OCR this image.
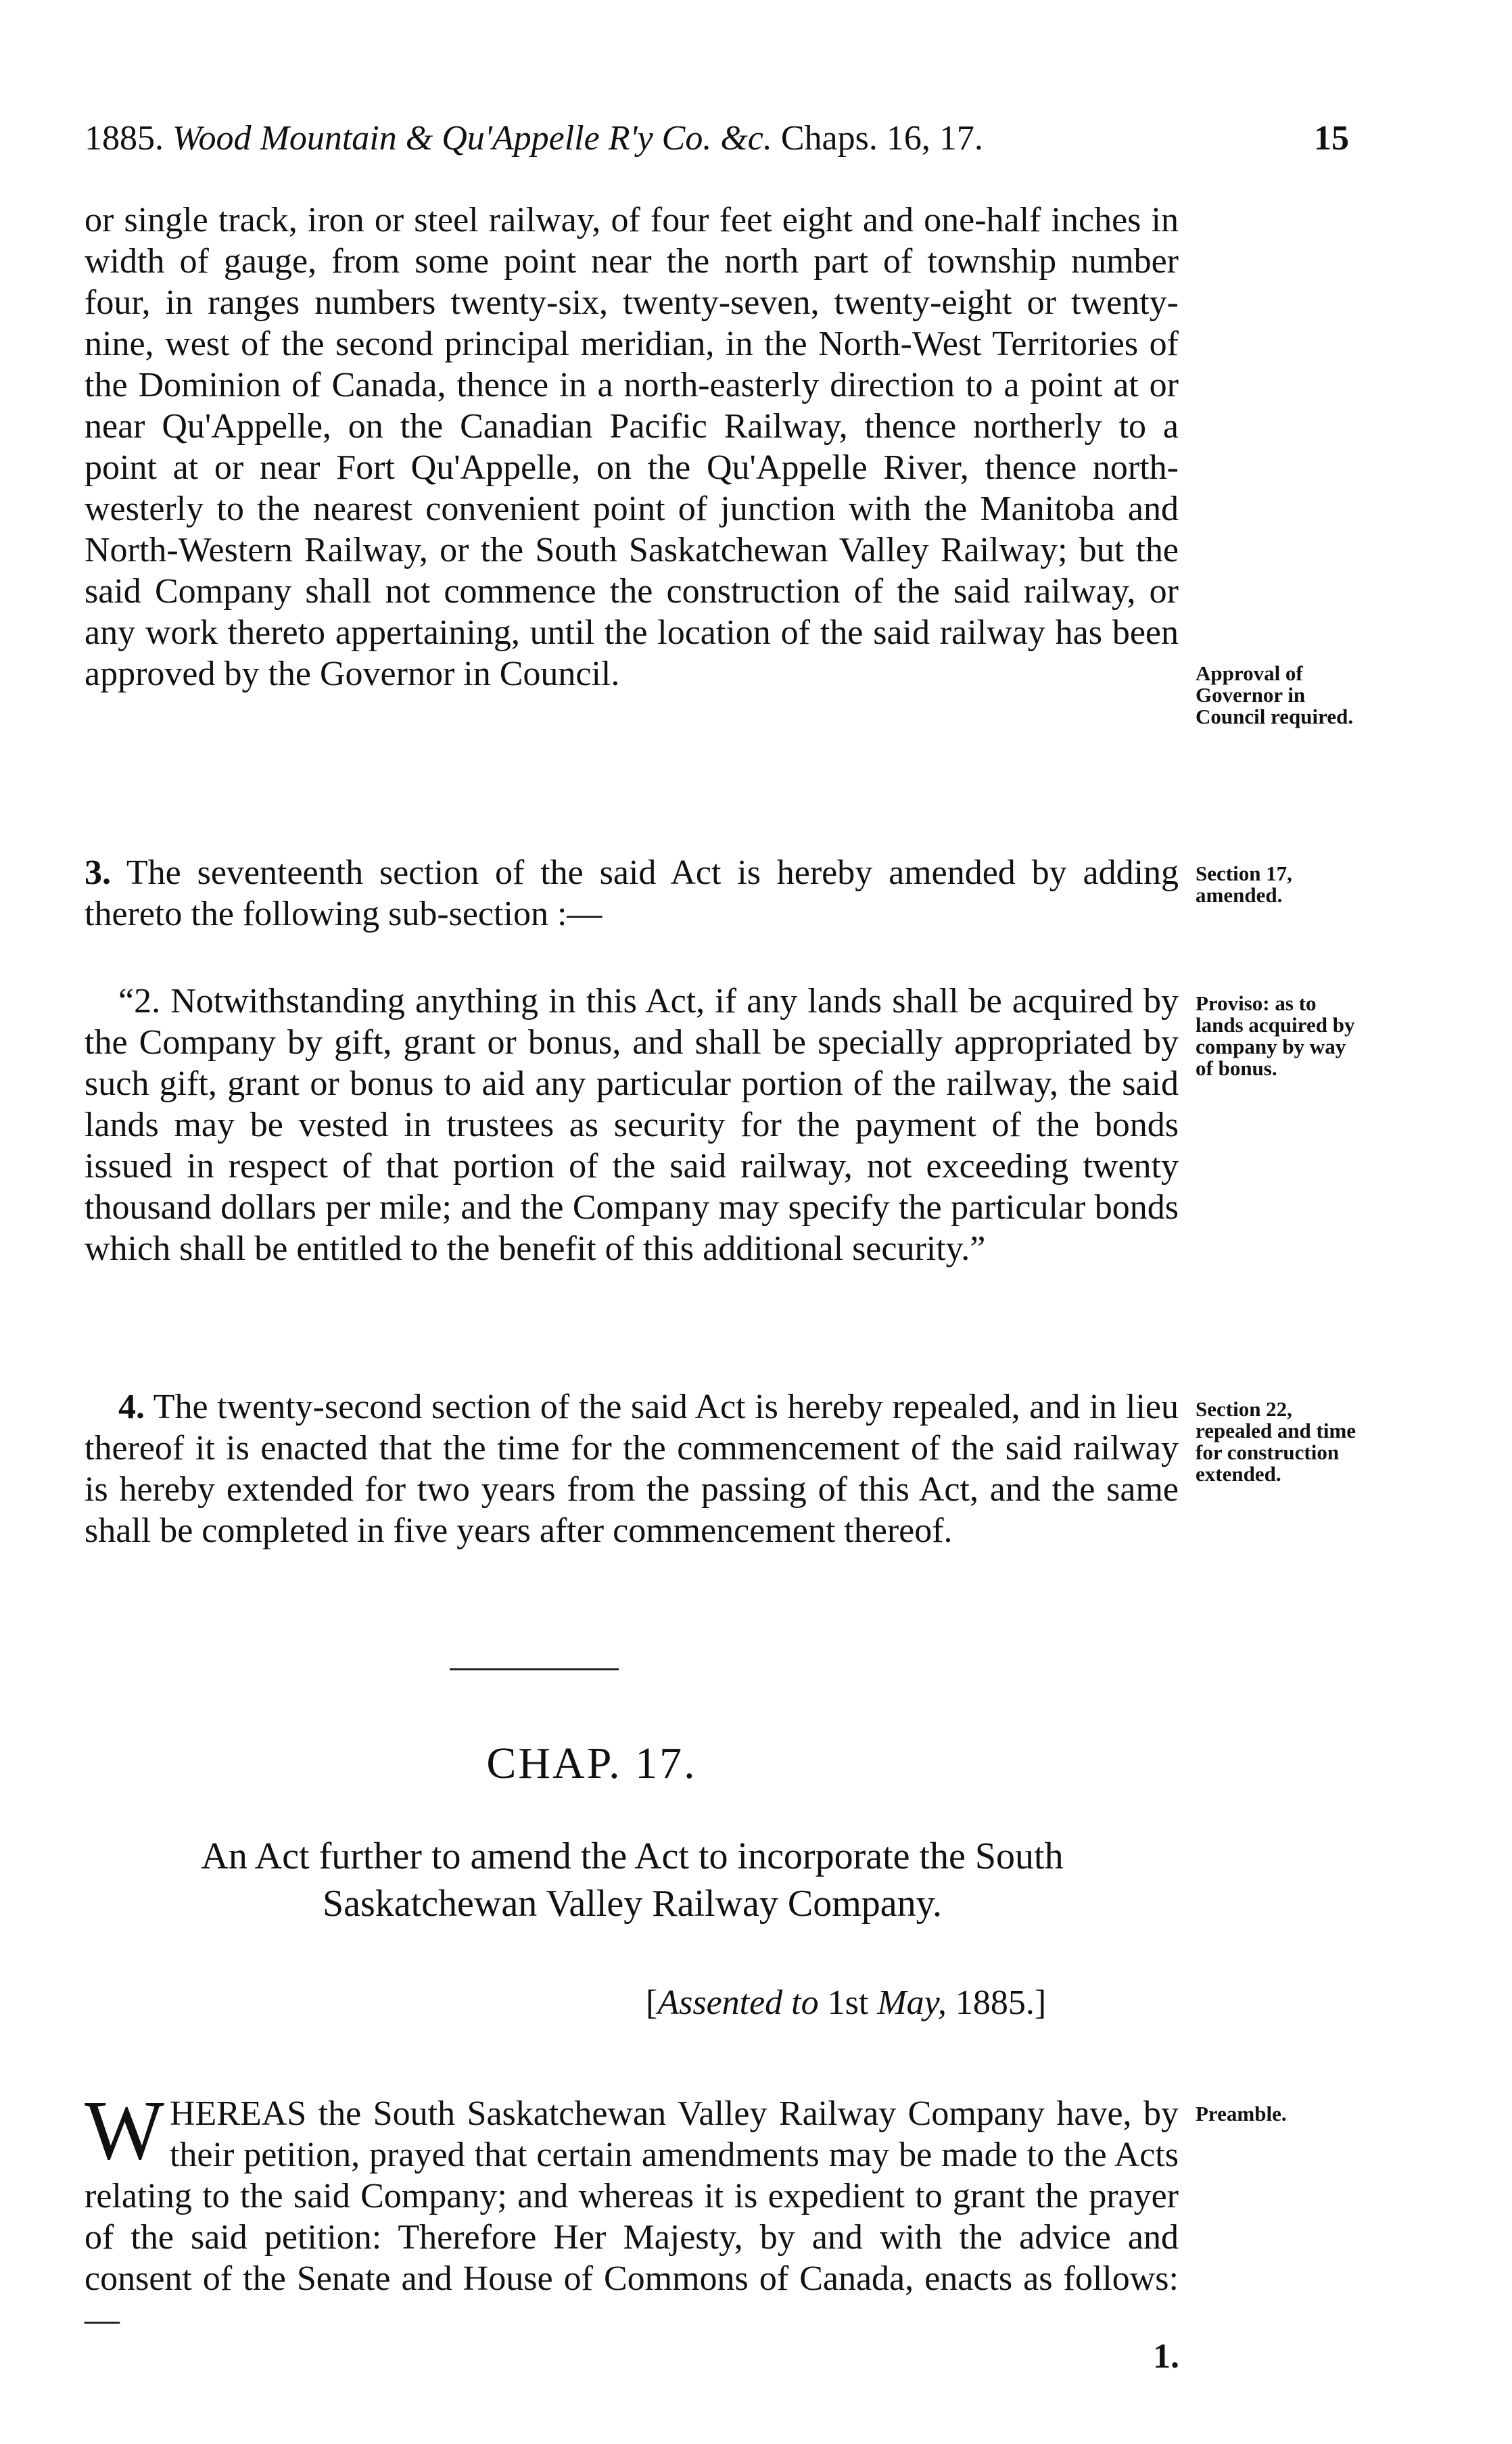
1885. Wood Mountain & Qu'Appelle R'y Co. &c. Chaps. 16, 17.	15
or single track, iron or steel railway, of four feet eight and one-half inches in width of gauge, from some point near the north part of township number four, in ranges numbers twenty-six, twenty-seven, twenty-eight or twenty-nine, west of the second principal meridian, in the North-West Territories of the Dominion of Canada, thence in a north-easterly direction to a point at or near Qu'Appelle, on the Canadian Pacific Railway, thence northerly to a point at or near Fort Qu'Appelle, on the Qu'Appelle River, thence north-westerly to the nearest convenient point of junction with the Manitoba and North-Western Railway, or the South Saskatchewan Valley Railway; but the said Company shall not commence the construction of the said railway, or any work thereto appertaining, until the location of the said railway has been approved by the Governor in Council.
3. The seventeenth section of the said Act is hereby amended by adding thereto the following sub-section :—
“2. Notwithstanding anything in this Act, if any lands shall be acquired by the Company by gift, grant or bonus, and shall be specially appropriated by such gift, grant or bonus to aid any particular portion of the railway, the said lands may be vested in trustees as security for the payment of the bonds issued in respect of that portion of the said railway, not exceeding twenty thousand dollars per mile; and the Company may specify the particular bonds which shall be entitled to the benefit of this additional security.”
4. The twenty-second section of the said Act is hereby repealed, and in lieu thereof it is enacted that the time for the commencement of the said railway is hereby extended for two years from the passing of this Act, and the same shall be completed in five years after commencement thereof.
Approval of Governor in Council required.
Section 17, amended.
Proviso: as to lands acquired by company by way of bonus.
Section 22, repealed and time for construction extended.
Preamble.
CHAP. 17.
An Act further to amend the Act to incorporate the South Saskatchewan Valley Railway Company.
[Assented to 1st May, 1885.]
W HEREAS the South Saskatchewan Valley Railway Company have, by their petition, prayed that certain amendments may be made to the Acts relating to the said Company; and whereas it is expedient to grant the prayer of the said petition: Therefore Her Majesty, by and with the advice and consent of the Senate and House of Commons of Canada, enacts as follows:—
1.
